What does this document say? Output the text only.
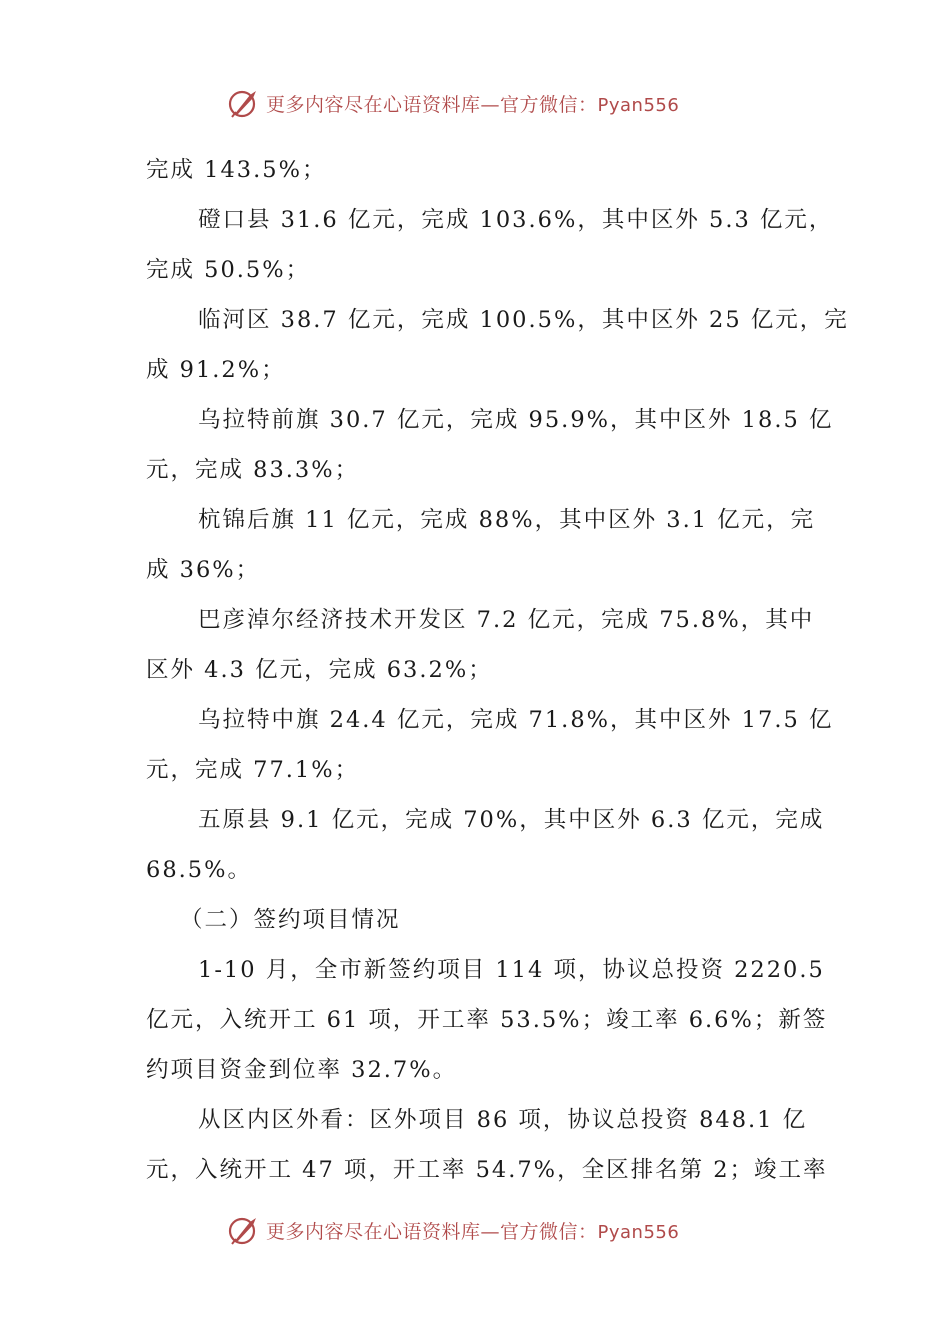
更多内容尽在心语资料库—官方微信：Pyan556
完成 143.5%；
磴口县 31.6 亿元，完成 103.6%，其中区外 5.3 亿元，
完成 50.5%；
临河区 38.7 亿元，完成 100.5%，其中区外 25 亿元，完
成 91.2%；
乌拉特前旗 30.7 亿元，完成 95.9%，其中区外 18.5 亿
元，完成 83.3%；
杭锦后旗 11 亿元，完成 88%，其中区外 3.1 亿元，完
成 36%；
巴彦淖尔经济技术开发区 7.2 亿元，完成 75.8%，其中
区外 4.3 亿元，完成 63.2%；
乌拉特中旗 24.4 亿元，完成 71.8%，其中区外 17.5 亿
元，完成 77.1%；
五原县 9.1 亿元，完成 70%，其中区外 6.3 亿元，完成
68.5%。
（二）签约项目情况
1-10 月，全市新签约项目 114 项，协议总投资 2220.5
亿元，入统开工 61 项，开工率 53.5%；竣工率 6.6%；新签
约项目资金到位率 32.7%。
从区内区外看：区外项目 86 项，协议总投资 848.1 亿
元，入统开工 47 项，开工率 54.7%，全区排名第 2；竣工率
更多内容尽在心语资料库—官方微信：Pyan556
